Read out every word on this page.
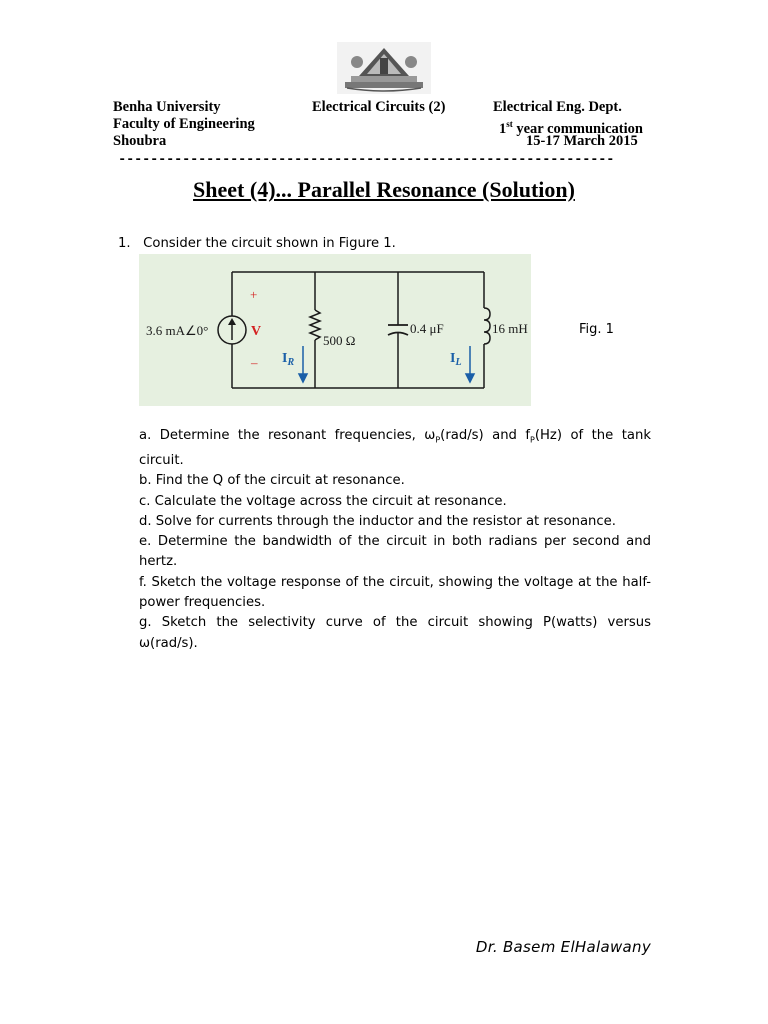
Benha University
Faculty of Engineering
Shoubra
Electrical Circuits (2)	Electrical Eng. Dept.
1st year communication
15-17 March 2015
--------------------------------------------------------------
Sheet (4)... Parallel Resonance (Solution)
1. Consider the circuit shown in Figure 1.
3.6 mA∠0°	V
+
–
500 Ω
0.4 μF	16 mH
$I_R$	$I_L$
Fig. 1

a. Determine the resonant frequencies, $\omega_P(rad/s)$ and $f_P(Hz)$ of the tank circuit.

b. Find the Q of the circuit at resonance.

c. Calculate the voltage across the circuit at resonance.

d. Solve for currents through the inductor and the resistor at resonance.

e. Determine the bandwidth of the circuit in both radians per second and hertz.

f. Sketch the voltage response of the circuit, showing the voltage at the half-power frequencies.

g. Sketch the selectivity curve of the circuit showing P(watts) versus ω(rad/s).

Dr. Basem ElHalawany
